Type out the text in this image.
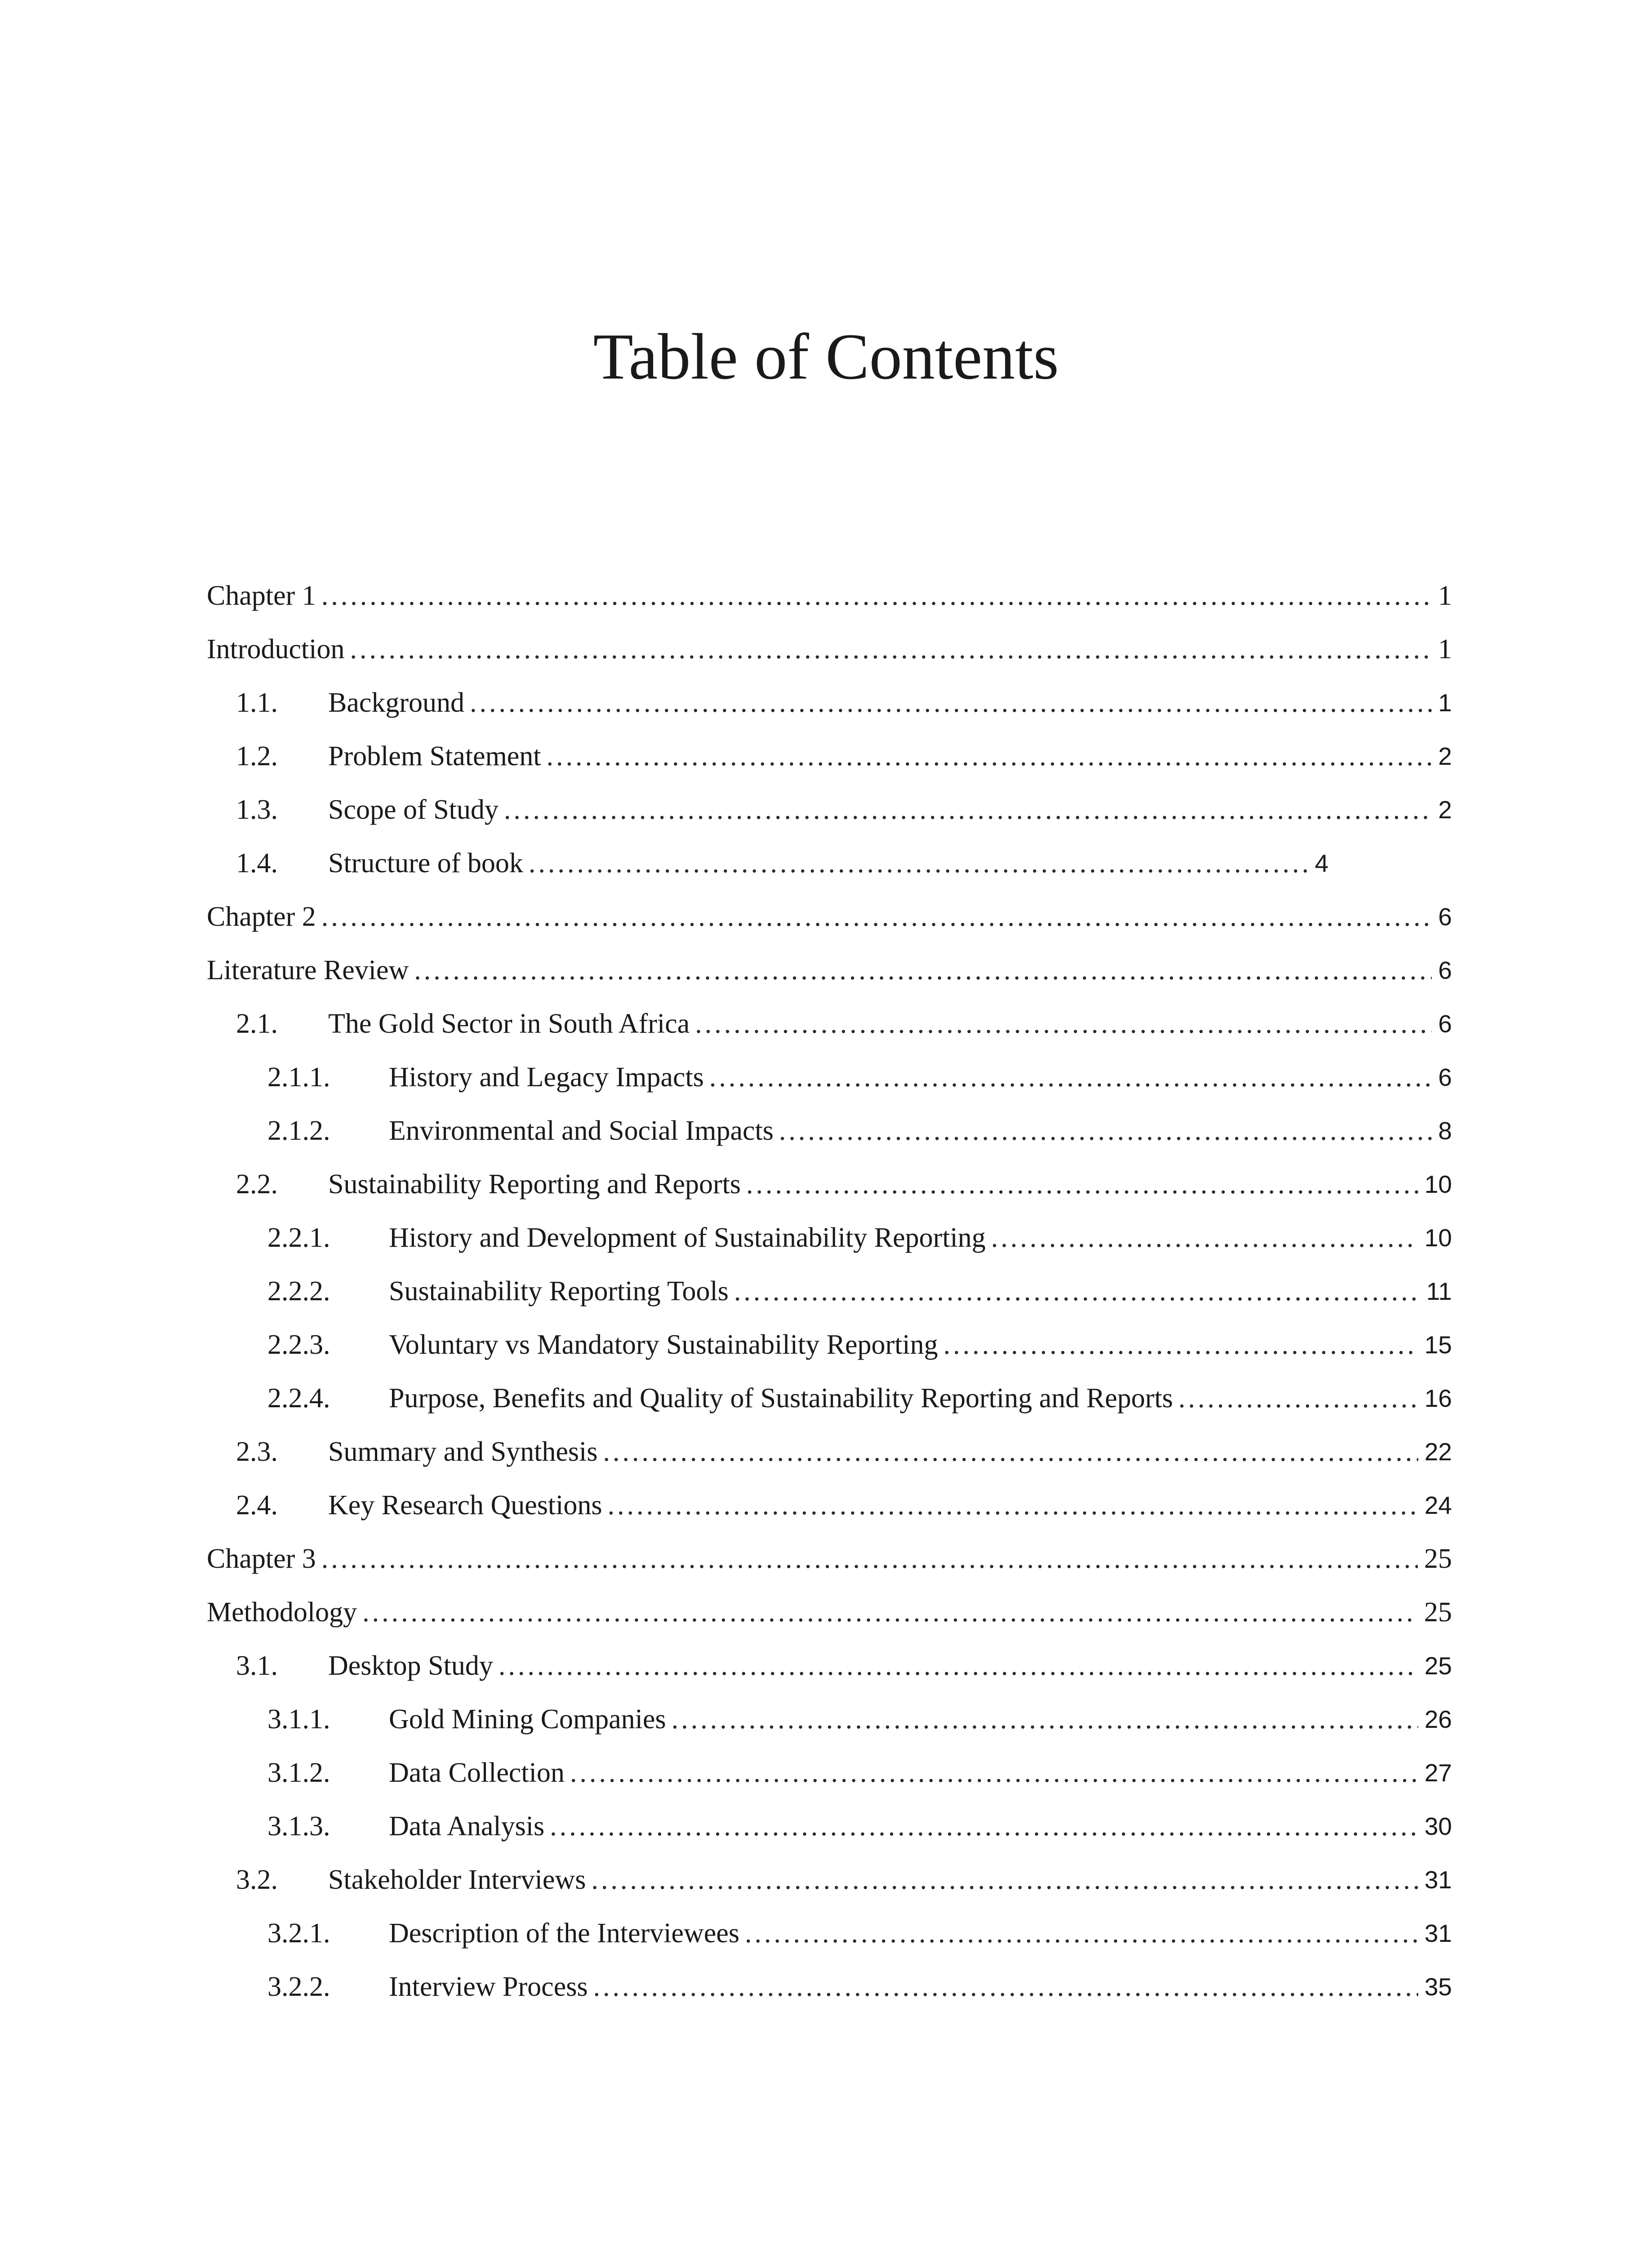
Table of Contents
Chapter 1 .....	1
Introduction .....	1
1.1.	Background .....	1
1.2.	Problem Statement .....	2
1.3.	Scope of Study .....	2
1.4.	Structure of book .....	4
Chapter 2 .....	6
Literature Review .....	6
2.1.	The Gold Sector in South Africa .....	6
2.1.1.	History and Legacy Impacts .....	6
2.1.2.	Environmental and Social Impacts .....	8
2.2.	Sustainability Reporting and Reports .....	10
2.2.1.	History and Development of Sustainability Reporting .....	10
2.2.2.	Sustainability Reporting Tools .....	11
2.2.3.	Voluntary vs Mandatory Sustainability Reporting .....	15
2.2.4.	Purpose, Benefits and Quality of Sustainability Reporting and Reports .....	16
2.3.	Summary and Synthesis .....	22
2.4.	Key Research Questions .....	24
Chapter 3 .....	25
Methodology .....	25
3.1.	Desktop Study .....	25
3.1.1.	Gold Mining Companies .....	26
3.1.2.	Data Collection .....	27
3.1.3.	Data Analysis .....	30
3.2.	Stakeholder Interviews .....	31
3.2.1.	Description of the Interviewees .....	31
3.2.2.	Interview Process .....	35
